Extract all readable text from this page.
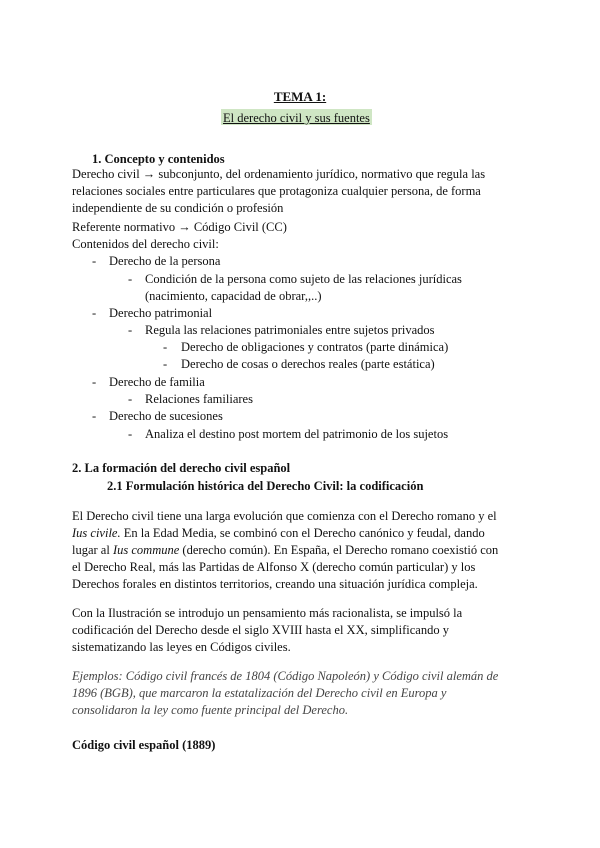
TEMA 1:
El derecho civil y sus fuentes
1. Concepto y contenidos
Derecho civil → subconjunto, del ordenamiento jurídico, normativo que regula las
relaciones sociales entre particulares que protagoniza cualquier persona, de forma
independiente de su condición o profesión
Referente normativo → Código Civil (CC)
Contenidos del derecho civil:
- Derecho de la persona
- Condición de la persona como sujeto de las relaciones jurídicas
(nacimiento, capacidad de obrar,,..)
- Derecho patrimonial
- Regula las relaciones patrimoniales entre sujetos privados
- Derecho de obligaciones y contratos (parte dinámica)
- Derecho de cosas o derechos reales (parte estática)
- Derecho de familia
- Relaciones familiares
- Derecho de sucesiones
- Analiza el destino post mortem del patrimonio de los sujetos
2. La formación del derecho civil español
2.1 Formulación histórica del Derecho Civil: la codificación
El Derecho civil tiene una larga evolución que comienza con el Derecho romano y el
Ius civile. En la Edad Media, se combinó con el Derecho canónico y feudal, dando
lugar al Ius commune (derecho común). En España, el Derecho romano coexistió con
el Derecho Real, más las Partidas de Alfonso X (derecho común particular) y los
Derechos forales en distintos territorios, creando una situación jurídica compleja.
Con la Ilustración se introdujo un pensamiento más racionalista, se impulsó la
codificación del Derecho desde el siglo XVIII hasta el XX, simplificando y
sistematizando las leyes en Códigos civiles.
Ejemplos: Código civil francés de 1804 (Código Napoleón) y Código civil alemán de
1896 (BGB), que marcaron la estatalización del Derecho civil en Europa y
consolidaron la ley como fuente principal del Derecho.
Código civil español (1889)
